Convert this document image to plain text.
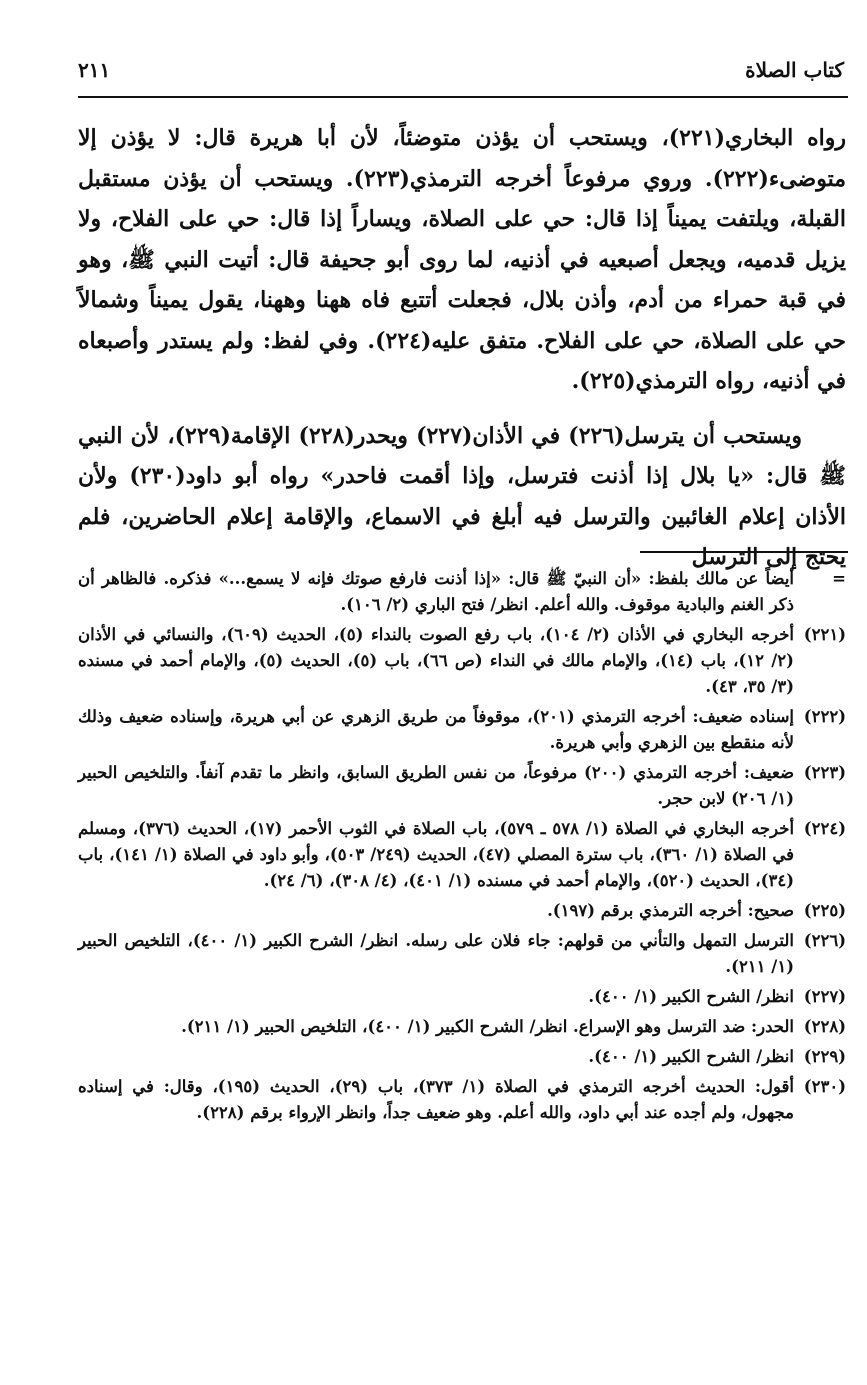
كتاب الصلاة
٢١١

رواه البخاري(٢٢١)، ويستحب أن يؤذن متوضئاً، لأن أبا هريرة قال: لا يؤذن إلا متوضىء(٢٢٢). وروي مرفوعاً أخرجه الترمذي(٢٢٣). ويستحب أن يؤذن مستقبل القبلة، ويلتفت يميناً إذا قال: حي على الصلاة، ويساراً إذا قال: حي على الفلاح، ولا يزيل قدميه، ويجعل أصبعيه في أذنيه، لما روى أبو جحيفة قال: أتيت النبي ﷺ، وهو في قبة حمراء من أدم، وأذن بلال، فجعلت أتتبع فاه ههنا وههنا، يقول يميناً وشمالاً حي على الصلاة، حي على الفلاح. متفق عليه(٢٢٤). وفي لفظ: ولم يستدر وأصبعاه في أذنيه، رواه الترمذي(٢٢٥).

ويستحب أن يترسل(٢٢٦) في الأذان(٢٢٧) ويحدر(٢٢٨) الإقامة(٢٢٩)، لأن النبي ﷺ قال: «يا بلال إذا أذنت فترسل، وإذا أقمت فاحدر» رواه أبو داود(٢٣٠) ولأن الأذان إعلام الغائبين والترسل فيه أبلغ في الاسماع، والإقامة إعلام الحاضرين، فلم يحتج إلى الترسل

=
أيضاً عن مالك بلفظ: «أن النبيّ ﷺ قال: «إذا أذنت فارفع صوتك فإنه لا يسمع...» فذكره. فالظاهر أن ذكر الغنم والبادية موقوف. والله أعلم. انظر/ فتح الباري (٢/ ١٠٦).
(٢٢١)
أخرجه البخاري في الأذان (٢/ ١٠٤)، باب رفع الصوت بالنداء (٥)، الحديث (٦٠٩)، والنسائي في الأذان (٢/ ١٢)، باب (١٤)، والإمام مالك في النداء (ص ٦٦)، باب (٥)، الحديث (٥)، والإمام أحمد في مسنده (٣/ ٣٥، ٤٣).
(٢٢٢)
إسناده ضعيف: أخرجه الترمذي (٢٠١)، موقوفاً من طريق الزهري عن أبي هريرة، وإسناده ضعيف وذلك لأنه منقطع بين الزهري وأبي هريرة.
(٢٢٣)
ضعيف: أخرجه الترمذي (٢٠٠) مرفوعاً، من نفس الطريق السابق، وانظر ما تقدم آنفاً. والتلخيص الحبير (١/ ٢٠٦) لابن حجر.
(٢٢٤)
أخرجه البخاري في الصلاة (١/ ٥٧٨ ـ ٥٧٩)، باب الصلاة في الثوب الأحمر (١٧)، الحديث (٣٧٦)، ومسلم في الصلاة (١/ ٣٦٠)، باب سترة المصلي (٤٧)، الحديث (٢٤٩/ ٥٠٣)، وأبو داود في الصلاة (١/ ١٤١)، باب (٣٤)، الحديث (٥٢٠)، والإمام أحمد في مسنده (١/ ٤٠١)، (٤/ ٣٠٨)، (٦/ ٢٤).
(٢٢٥)
صحيح: أخرجه الترمذي برقم (١٩٧).
(٢٢٦)
الترسل التمهل والتأني من قولهم: جاء فلان على رسله. انظر/ الشرح الكبير (١/ ٤٠٠)، التلخيص الحبير (١/ ٢١١).
(٢٢٧)
انظر/ الشرح الكبير (١/ ٤٠٠).
(٢٢٨)
الحدر: ضد الترسل وهو الإسراع. انظر/ الشرح الكبير (١/ ٤٠٠)، التلخيص الحبير (١/ ٢١١).
(٢٢٩)
انظر/ الشرح الكبير (١/ ٤٠٠).
(٢٣٠)
أقول: الحديث أخرجه الترمذي في الصلاة (١/ ٣٧٣)، باب (٢٩)، الحديث (١٩٥)، وقال: في إسناده مجهول، ولم أجده عند أبي داود، والله أعلم. وهو ضعيف جداً، وانظر الإرواء برقم (٢٢٨).
